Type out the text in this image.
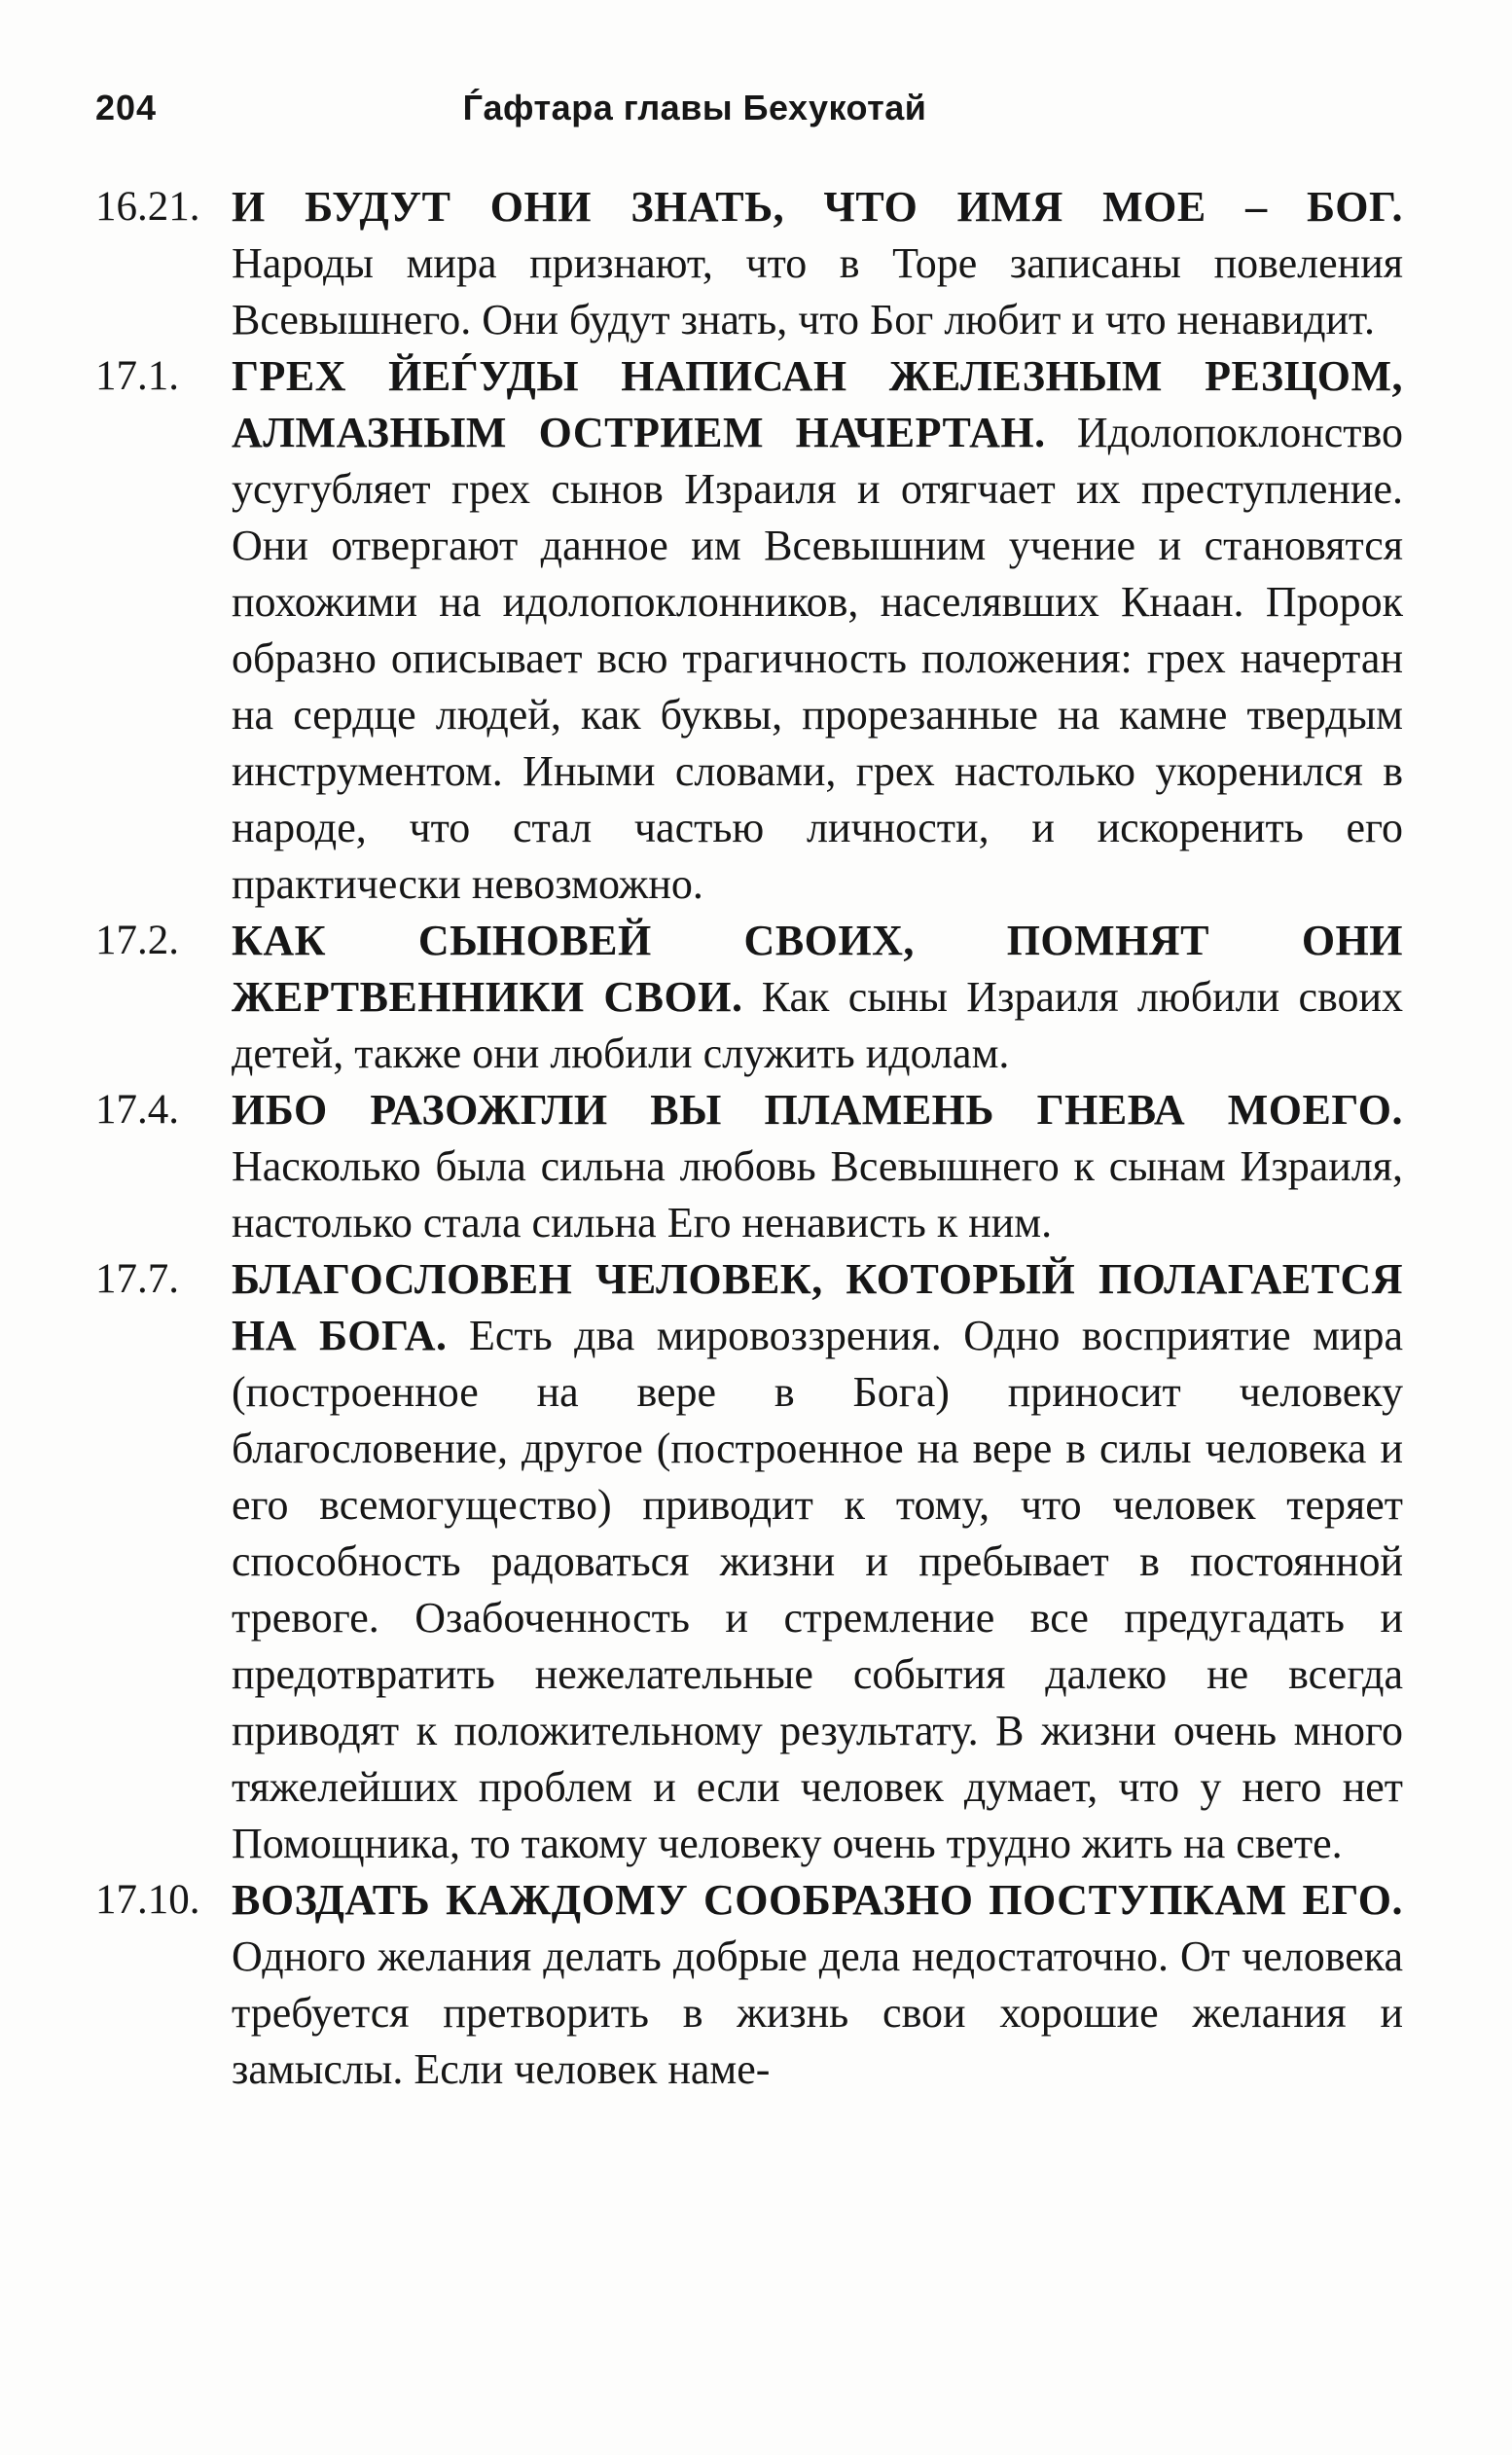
204	Ѓафтара главы Бехукотай
16.21. И БУДУТ ОНИ ЗНАТЬ, ЧТО ИМЯ МОЕ – БОГ.
Народы мира признают, что в Торе записаны повеления Всевышнего. Они будут знать, что Бог любит и что ненавидит.

17.1.	ГРЕХ ЙЕЃУДЫ НАПИСАН ЖЕЛЕЗНЫМ РЕЗЦОМ, АЛМАЗНЫМ ОСТРИЕМ НАЧЕРТАН. Идолопоклонство усугубляет грех сынов Израиля и отягчает их преступление. Они отвергают данное им Всевышним учение и становятся похожими на идолопоклонников, населявших Кнаан. Пророк образно описывает всю трагичность положения: грех начертан на сердце людей, как буквы, прорезанные на камне твердым инструментом. Иными словами, грех настолько укоренился в народе, что стал частью личности, и искоренить его практически невозможно.

17.2.	КАК СЫНОВЕЙ СВОИХ, ПОМНЯТ ОНИ ЖЕРТВЕННИКИ СВОИ. Как сыны Израиля любили своих детей, также они любили служить идолам.

17.4.	ИБО РАЗОЖГЛИ ВЫ ПЛАМЕНЬ ГНЕВА МОЕГО.
Насколько была сильна любовь Всевышнего к сынам Израиля, настолько стала сильна Его ненависть к ним.

17.7.	БЛАГОСЛОВЕН ЧЕЛОВЕК, КОТОРЫЙ ПОЛАГАЕТСЯ НА БОГА. Есть два мировоззрения. Одно восприятие мира (построенное на вере в Бога) приносит человеку благословение, другое (построенное на вере в силы человека и его всемогущество) приводит к тому, что человек теряет способность радоваться жизни и пребывает в постоянной тревоге. Озабоченность и стремление все предугадать и предотвратить нежелательные события далеко не всегда приводят к положительному результату. В жизни очень много тяжелейших проблем и если человек думает, что у него нет Помощника, то такому человеку очень трудно жить на свете.

17.10. ВОЗДАТЬ КАЖДОМУ СООБРАЗНО ПОСТУПКАМ ЕГО. Одного желания делать добрые дела недостаточно. От человека требуется претворить в жизнь свои хорошие желания и замыслы. Если человек наме-
